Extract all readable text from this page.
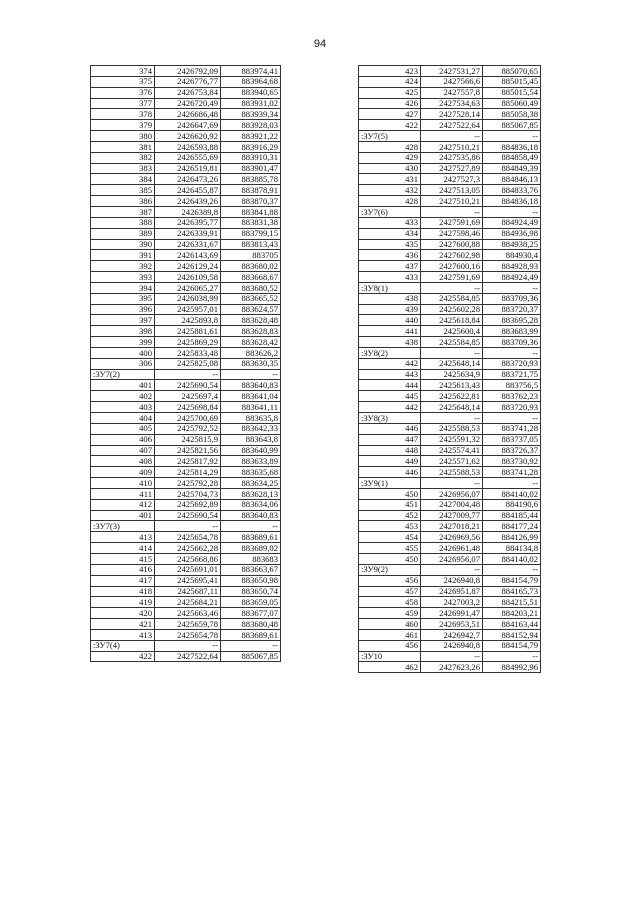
94
374	2426792,09	883974,41
375	2426776,77	883964,68
376	2426753,84	883940,65
377	2426720,49	883931,02
378	2426686,48	883939,34
379	2426647,69	883928,03
380	2426620,92	883921,22
381	2426593,88	883916,29
382	2426555,69	883910,31
383	2426519,81	883901,47
384	2426473,26	883885,78
385	2426455,87	883878,91
386	2426439,26	883870,37
387	2426389,8	883841,88
388	2426395,77	883831,38
389	2426339,91	883799,15
390	2426331,67	883813,43
391	2426143,69	883705
392	2426129,24	883680,02
393	2426109,58	883668,67
394	2426065,27	883680,52
395	2426038,99	883665,52
396	2425957,01	883624,57
397	2425893,8	883628,48
398	2425881,61	883628,83
399	2425869,29	883628,42
400	2425833,48	883626,2
306	2425825,08	883630,35
:ЗУ7(2)	--	--
401	2425690,54	883640,83
402	2425697,4	883641,04
403	2425698,84	883641,11
404	2425700,69	883635,8
405	2425792,52	883642,33
406	2425815,9	883643,8
407	2425821,56	883640,99
408	2425817,92	883633,89
409	2425814,29	883635,68
410	2425792,28	883634,25
411	2425704,73	883628,13
412	2425692,89	883634,06
401	2425690,54	883640,83
:ЗУ7(3)	--	--
413	2425654,78	883689,61
414	2425662,28	883689,02
415	2425668,86	883683
416	2425691,01	883663,67
417	2425695,41	883650,98
418	2425687,11	883650,74
419	2425684,21	883659,05
420	2425663,46	883677,07
421	2425659,78	883680,48
413	2425654,78	883689,61
:ЗУ7(4)	--	--
422	2427522,64	885067,85
423	2427531,27	885070,65
424	2427566,6	885015,45
425	2427557,8	885015,54
426	2427534,63	885060,49
427	2427528,14	885058,38
422	2427522,64	885067,85
:ЗУ7(5)	--	--
428	2427510,21	884836,18
429	2427535,86	884858,49
430	2427527,89	884849,39
431	2427527,3	884846,13
432	2427513,05	884833,76
428	2427510,21	884836,18
:ЗУ7(6)	--	--
433	2427591,69	884924,49
434	2427598,46	884936,98
435	2427600,88	884938,25
436	2427602,98	884930,4
437	2427600,16	884928,93
433	2427591,69	884924,49
:ЗУ8(1)	--	--
438	2425584,85	883709,36
439	2425602,28	883720,37
440	2425618,84	883695,28
441	2425600,4	883683,99
438	2425584,85	883709,36
:ЗУ8(2)	--	--
442	2425648,14	883720,93
443	2425634,9	883721,75
444	2425613,43	883756,5
445	2425622,81	883762,23
442	2425648,14	883720,93
:ЗУ8(3)	--	--
446	2425588,53	883741,28
447	2425591,32	883737,05
448	2425574,41	883726,37
449	2425571,62	883730,92
446	2425588,53	883741,28
:ЗУ9(1)	--	--
450	2426956,07	884140,02
451	2427004,48	884190,6
452	2427009,77	884185,44
453	2427018,21	884177,24
454	2426969,56	884126,99
455	2426961,48	884134,8
450	2426956,07	884140,02
:ЗУ9(2)	--	--
456	2426940,8	884154,79
457	2426951,87	884165,73
458	2427003,2	884215,51
459	2426991,47	884203,21
460	2426953,51	884163,44
461	2426942,7	884152,94
456	2426940,8	884154,79
:ЗУ10	--	--
462	2427623,26	884992,96
